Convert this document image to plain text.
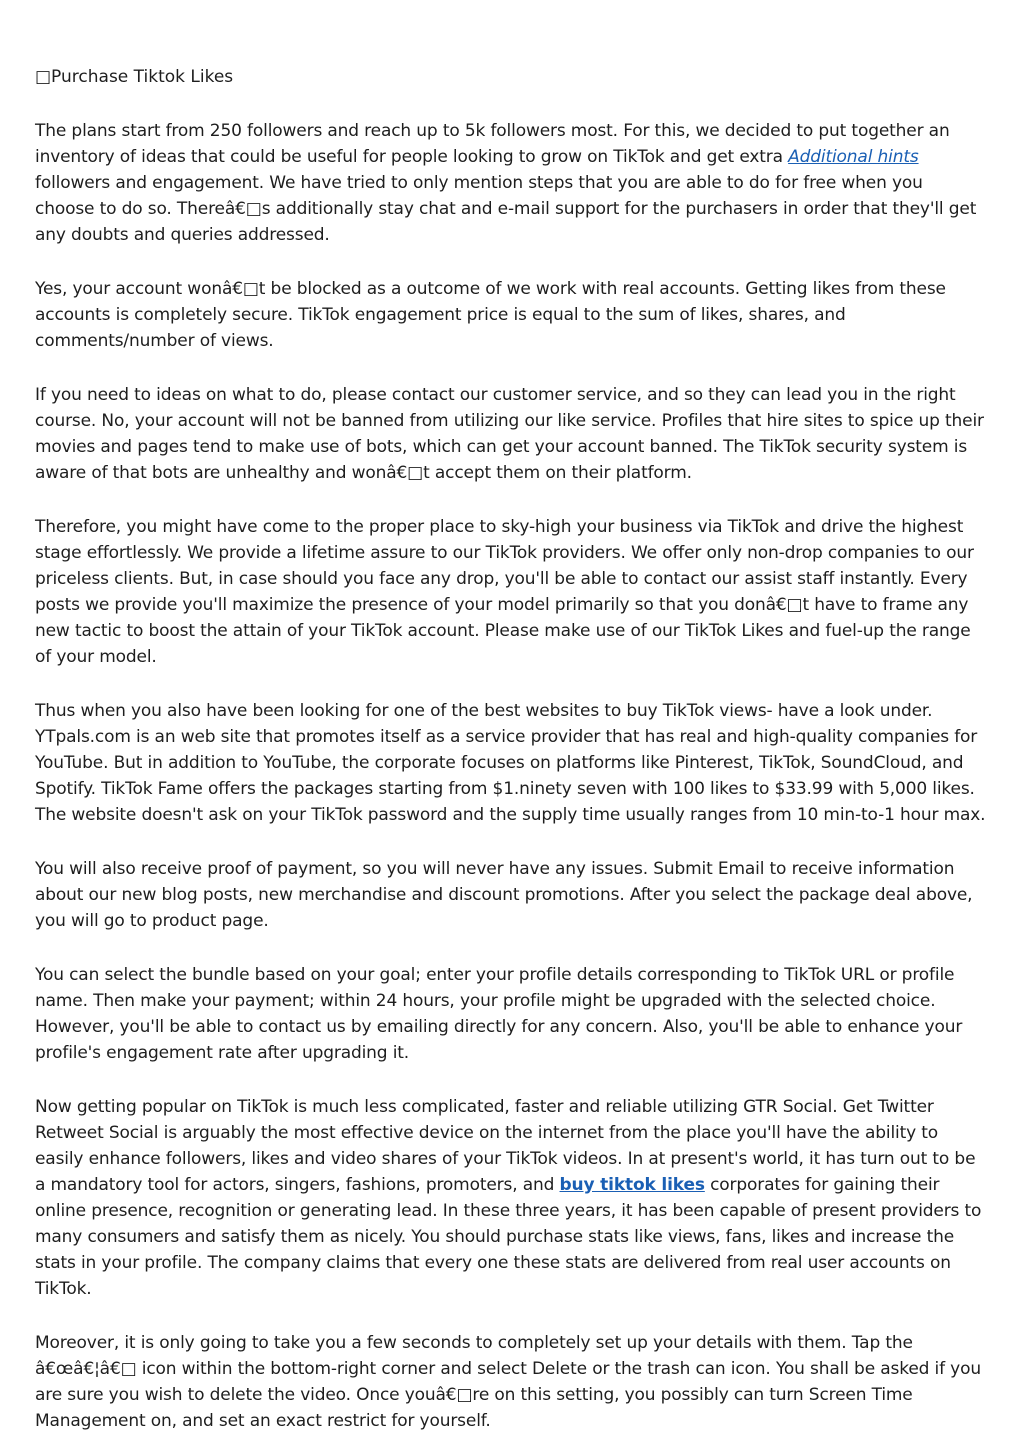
□Purchase Tiktok Likes

The plans start from 250 followers and reach up to 5k followers most. For this, we decided to put together an inventory of ideas that could be useful for people looking to grow on TikTok and get extra Additional hints followers and engagement. We have tried to only mention steps that you are able to do for free when you choose to do so. Thereâ€□s additionally stay chat and e-mail support for the purchasers in order that they'll get any doubts and queries addressed.

Yes, your account wonâ€□t be blocked as a outcome of we work with real accounts. Getting likes from these accounts is completely secure. TikTok engagement price is equal to the sum of likes, shares, and comments/number of views.

If you need to ideas on what to do, please contact our customer service, and so they can lead you in the right course. No, your account will not be banned from utilizing our like service. Profiles that hire sites to spice up their movies and pages tend to make use of bots, which can get your account banned. The TikTok security system is aware of that bots are unhealthy and wonâ€□t accept them on their platform.

Therefore, you might have come to the proper place to sky-high your business via TikTok and drive the highest stage effortlessly. We provide a lifetime assure to our TikTok providers. We offer only non-drop companies to our priceless clients. But, in case should you face any drop, you'll be able to contact our assist staff instantly. Every posts we provide you'll maximize the presence of your model primarily so that you donâ€□t have to frame any new tactic to boost the attain of your TikTok account. Please make use of our TikTok Likes and fuel-up the range of your model.

Thus when you also have been looking for one of the best websites to buy TikTok views- have a look under. YTpals.com is an web site that promotes itself as a service provider that has real and high-quality companies for YouTube. But in addition to YouTube, the corporate focuses on platforms like Pinterest, TikTok, SoundCloud, and Spotify. TikTok Fame offers the packages starting from $1.ninety seven with 100 likes to $33.99 with 5,000 likes. The website doesn't ask on your TikTok password and the supply time usually ranges from 10 min-to-1 hour max.

You will also receive proof of payment, so you will never have any issues. Submit Email to receive information about our new blog posts, new merchandise and discount promotions. After you select the package deal above, you will go to product page.

You can select the bundle based on your goal; enter your profile details corresponding to TikTok URL or profile name. Then make your payment; within 24 hours, your profile might be upgraded with the selected choice. However, you'll be able to contact us by emailing directly for any concern. Also, you'll be able to enhance your profile's engagement rate after upgrading it.

Now getting popular on TikTok is much less complicated, faster and reliable utilizing GTR Social. Get Twitter Retweet Social is arguably the most effective device on the internet from the place you'll have the ability to easily enhance followers, likes and video shares of your TikTok videos. In at present's world, it has turn out to be a mandatory tool for actors, singers, fashions, promoters, and buy tiktok likes corporates for gaining their online presence, recognition or generating lead. In these three years, it has been capable of present providers to many consumers and satisfy them as nicely. You should purchase stats like views, fans, likes and increase the stats in your profile. The company claims that every one these stats are delivered from real user accounts on TikTok.

Moreover, it is only going to take you a few seconds to completely set up your details with them. Tap the â€œâ€¦â€□ icon within the bottom-right corner and select Delete or the trash can icon. You shall be asked if you are sure you wish to delete the video. Once youâ€□re on this setting, you possibly can turn Screen Time Management on, and set an exact restrict for yourself.
